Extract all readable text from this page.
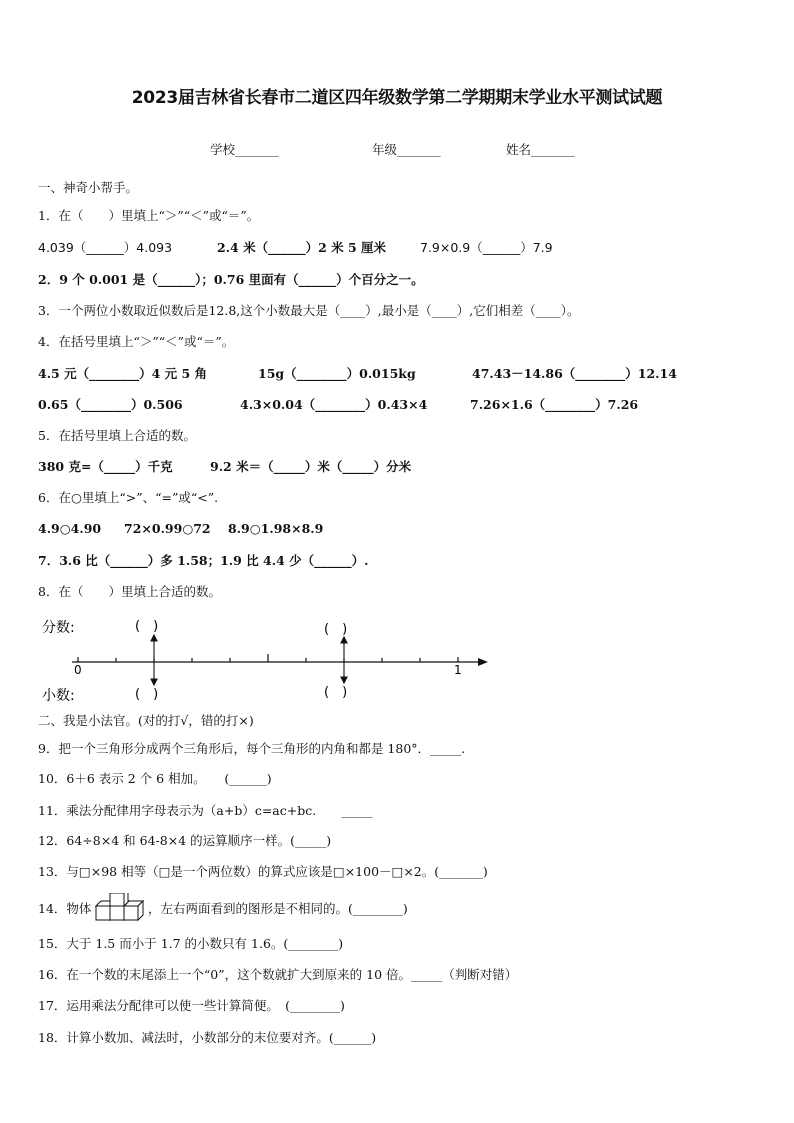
2023届吉林省长春市二道区四年级数学第二学期期末学业水平测试试题
学校_______	年级_______	姓名_______
一、神奇小帮手。
1．在（　　）里填上“＞”“＜”或“＝”。
4.039（______）4.093	2.4 米（______）2 米 5 厘米	7.9×0.9（______）7.9
2．9 个 0.001 是（______）；0.76 里面有（______）个百分之一。
3．一个两位小数取近似数后是12.8,这个小数最大是（____）,最小是（____）,它们相差（____）。
4．在括号里填上“＞”“＜”或“＝”。
4.5 元（________）4 元 5 角	15g（________）0.015kg	47.43－14.86（________）12.14
0.65（________）0.506	4.3×0.04（________）0.43×4	7.26×1.6（________）7.26
5．在括号里填上合适的数。
380 克=（_____）千克	9.2 米＝（_____）米（_____）分米
6．在○里填上“>”、“=”或“<”.
4.9○4.90 72×0.99○72 8.9○1.98×8.9
7．3.6 比（______）多 1.58；1.9 比 4.4 少（______）.
8．在（　　）里填上合适的数。
分数:
小数:
(　)	(　)
(　)	(　)
0	1
二、我是小法官。(对的打√，错的打×)
9．把一个三角形分成两个三角形后，每个三角形的内角和都是 180°．_____.
10．6＋6 表示 2 个 6 相加。　　(______)
11．乘法分配律用字母表示为（a+b）c=ac+bc.　　_____
12．64÷8×4 和 64-8×4 的运算顺序一样。(_____)
13．与□×98 相等（□是一个两位数）的算式应该是□×100－□×2。(_______)
14．物体	，左右两面看到的图形是不相同的。(________)
15．大于 1.5 而小于 1.7 的小数只有 1.6。(________)
16．在一个数的末尾添上一个“0”，这个数就扩大到原来的 10 倍。_____（判断对错）
17．运用乘法分配律可以使一些计算简便。　(________)
18．计算小数加、减法时，小数部分的末位要对齐。(______)
